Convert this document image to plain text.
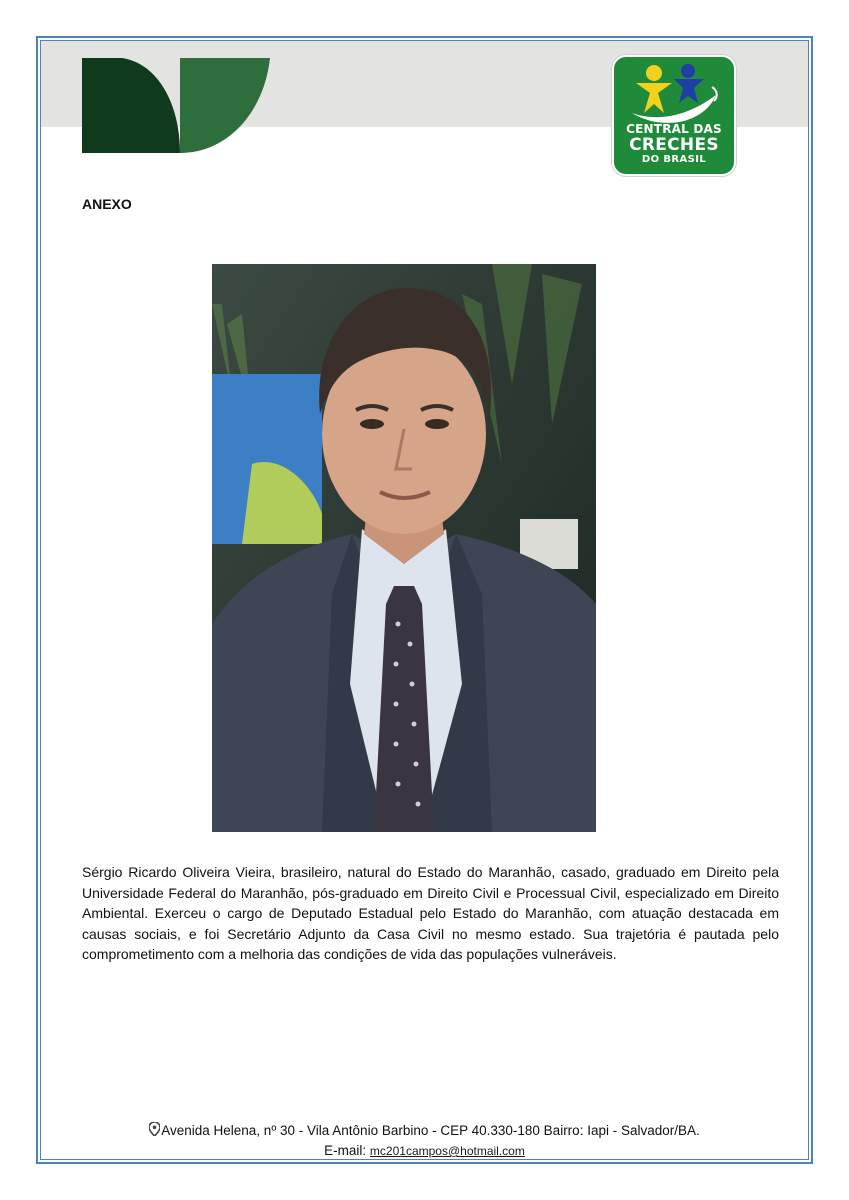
CENTRAL DAS
CRECHES
DO BRASIL
ANEXO

Sérgio Ricardo Oliveira Vieira, brasileiro, natural do Estado do Maranhão, casado, graduado em Direito pela Universidade Federal do Maranhão, pós-graduado em Direito Civil e Processual Civil, especializado em Direito Ambiental. Exerceu o cargo de Deputado Estadual pelo Estado do Maranhão, com atuação destacada em causas sociais, e foi Secretário Adjunto da Casa Civil no mesmo estado. Sua trajetória é pautada pelo comprometimento com a melhoria das condições de vida das populações vulneráveis.

Avenida Helena, nº 30 - Vila Antônio Barbino - CEP 40.330-180 Bairro: Iapi - Salvador/BA.
E-mail: mc201campos@hotmail.com
